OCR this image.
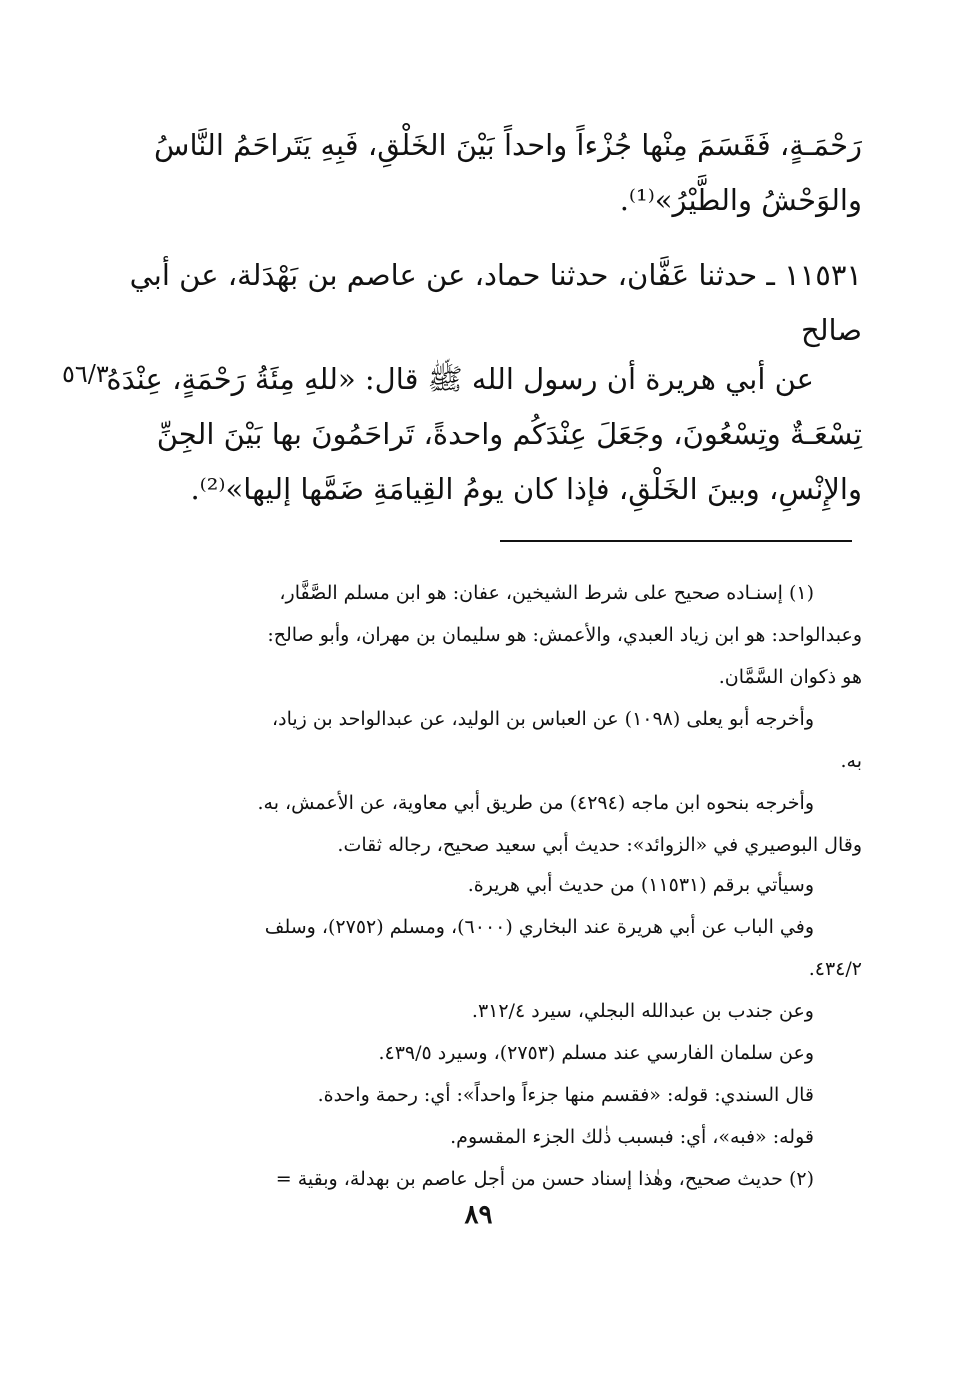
٥٦/٣
رَحْمَـةٍ، فَقَسَمَ مِنْها جُزْءاً واحداً بَيْنَ الخَلْقِ، فَبِهِ يَتَراحَمُ النَّاسُ
والوَحْشُ والطَّيْرُ»⁽¹⁾.
١١٥٣١ ـ حدثنا عَفَّان، حدثنا حماد، عن عاصم بن بَهْدَلة، عن أبي
صالح
عن أبي هريرة أن رسول الله ﷺ قال: «للهِ مِئَةُ رَحْمَةٍ، عِنْدَهُ
تِسْعَـةٌ وتِسْعُونَ، وجَعَلَ عِنْدَكُم واحدةً، تَراحَمُونَ بها بَيْنَ الجِنِّ
والإِنْسِ، وبينَ الخَلْقِ، فإذا كان يومُ القِيامَةِ ضَمَّها إليها»⁽²⁾.
(١) إسنـاده صحيح على شرط الشيخين، عفان: هو ابن مسلم الصَّفَّار،
وعبدالواحد: هو ابن زياد العبدي، والأعمش: هو سليمان بن مهران، وأبو صالح:
هو ذكوان السَّمَّان.
وأخرجه أبو يعلى (١٠٩٨) عن العباس بن الوليد، عن عبدالواحد بن زياد،
به.
وأخرجه بنحوه ابن ماجه (٤٢٩٤) من طريق أبي معاوية، عن الأعمش، به.
وقال البوصيري في «الزوائد»: حديث أبي سعيد صحيح، رجاله ثقات.
وسيأتي برقم (١١٥٣١) من حديث أبي هريرة.
وفي الباب عن أبي هريرة عند البخاري (٦٠٠٠)، ومسلم (٢٧٥٢)، وسلف
٤٣٤/٢.
وعن جندب بن عبدالله البجلي، سيرد ٣١٢/٤.
وعن سلمان الفارسي عند مسلم (٢٧٥٣)، وسيرد ٤٣٩/٥.
قال السندي: قوله: «فقسم منها جزءاً واحداً»: أي: رحمة واحدة.
قوله: «فبه»، أي: فبسبب ذٰلك الجزء المقسوم.
(٢) حديث صحيح، وهٰذا إسناد حسن من أجل عاصم بن بهدلة، وبقية =
٨٩
